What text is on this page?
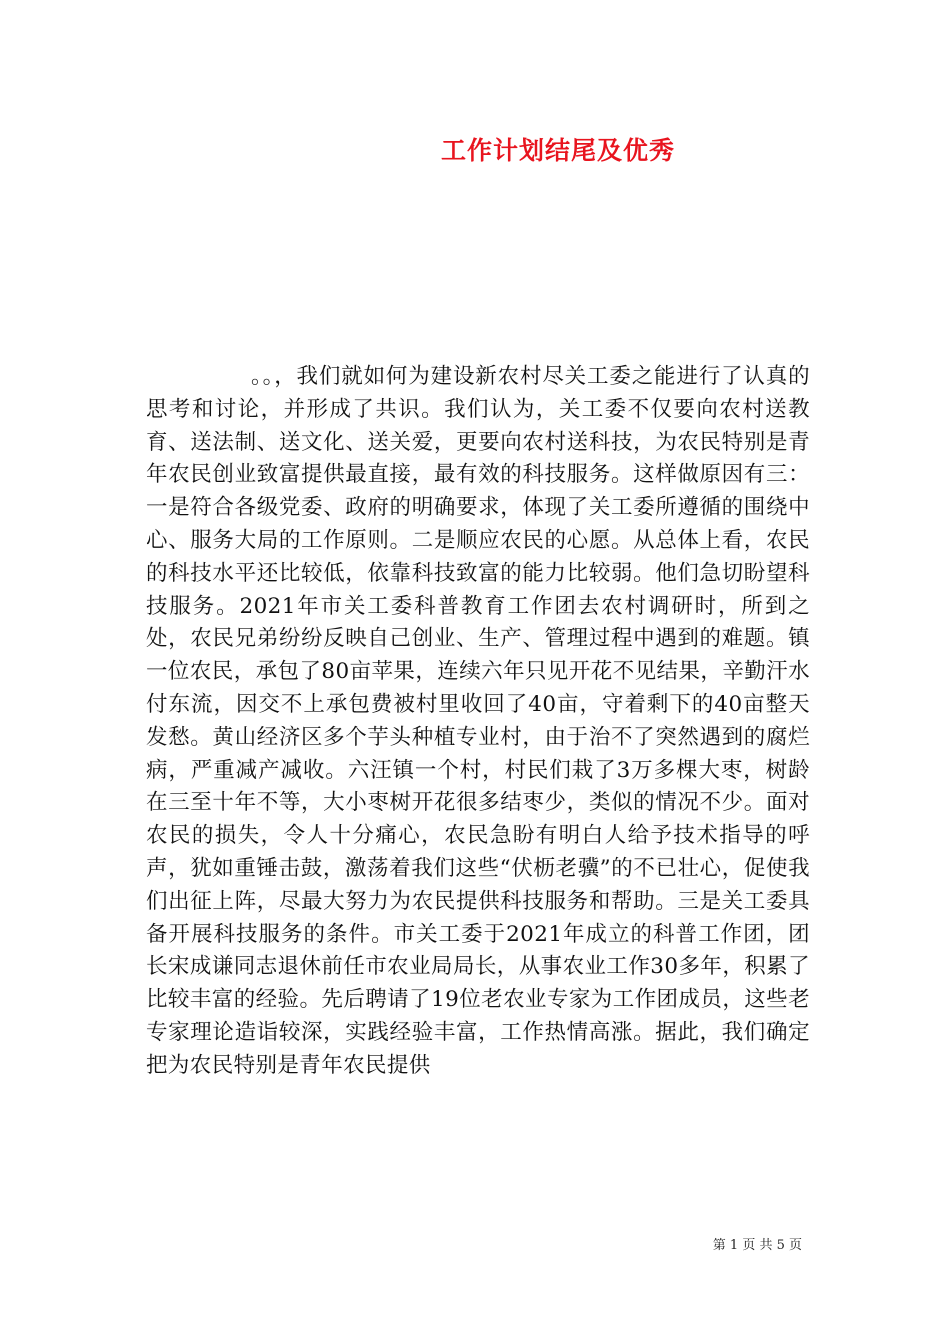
工作计划结尾及优秀

。。，我们就如何为建设新农村尽关工委之能进行了认真的思考和讨论，并形成了共识。我们认为，关工委不仅要向农村送教育、送法制、送文化、送关爱，更要向农村送科技，为农民特别是青年农民创业致富提供最直接，最有效的科技服务。这样做原因有三：一是符合各级党委、政府的明确要求，体现了关工委所遵循的围绕中心、服务大局的工作原则。二是顺应农民的心愿。从总体上看，农民的科技水平还比较低，依靠科技致富的能力比较弱。他们急切盼望科技服务。2021年市关工委科普教育工作团去农村调研时，所到之处，农民兄弟纷纷反映自己创业、生产、管理过程中遇到的难题。镇一位农民，承包了80亩苹果，连续六年只见开花不见结果，辛勤汗水付东流，因交不上承包费被村里收回了40亩，守着剩下的40亩整天发愁。黄山经济区多个芋头种植专业村，由于治不了突然遇到的腐烂病，严重减产减收。六汪镇一个村，村民们栽了3万多棵大枣，树龄在三至十年不等，大小枣树开花很多结枣少，类似的情况不少。面对农民的损失，令人十分痛心，农民急盼有明白人给予技术指导的呼声，犹如重锤击鼓，激荡着我们这些“伏枥老骥”的不已壮心，促使我们出征上阵，尽最大努力为农民提供科技服务和帮助。三是关工委具备开展科技服务的条件。市关工委于2021年成立的科普工作团，团长宋成谦同志退休前任市农业局局长，从事农业工作30多年，积累了比较丰富的经验。先后聘请了19位老农业专家为工作团成员，这些老专家理论造诣较深，实践经验丰富，工作热情高涨。据此，我们确定把为农民特别是青年农民提供

第 1 页 共 5 页
